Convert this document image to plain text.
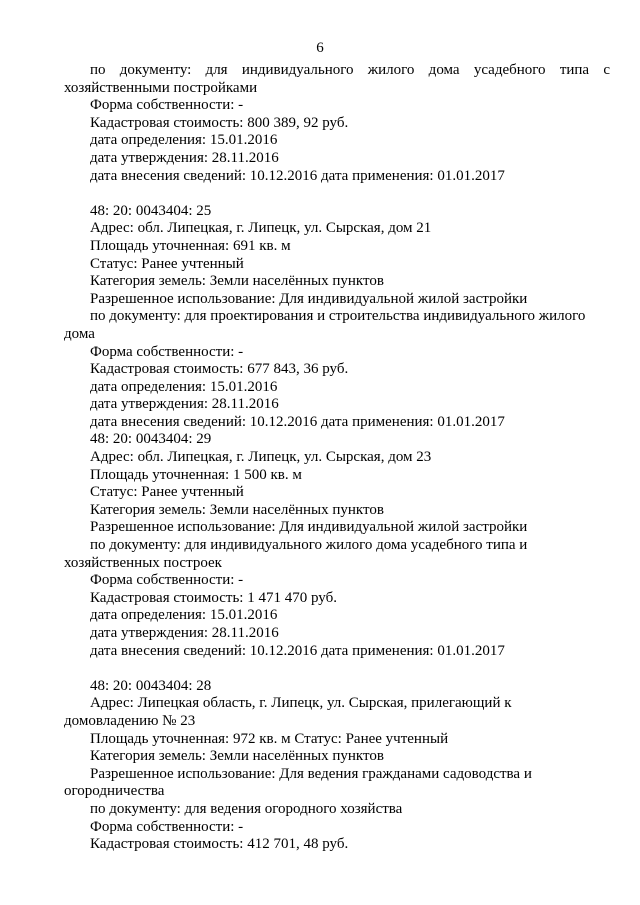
6
по документу: для индивидуального жилого дома усадебного типа с
хозяйственными постройками
Форма собственности: -
Кадастровая стоимость: 800 389, 92 руб.
дата определения: 15.01.2016
дата утверждения: 28.11.2016
дата внесения сведений: 10.12.2016 дата применения: 01.01.2017
48: 20: 0043404: 25
Адрес: обл. Липецкая, г. Липецк, ул. Сырская, дом 21
Площадь уточненная: 691 кв. м
Статус: Ранее учтенный
Категория земель: Земли населённых пунктов
Разрешенное использование: Для индивидуальной жилой застройки
по документу: для проектирования и строительства индивидуального жилого
дома
Форма собственности: -
Кадастровая стоимость: 677 843, 36 руб.
дата определения: 15.01.2016
дата утверждения: 28.11.2016
дата внесения сведений: 10.12.2016 дата применения: 01.01.2017
48: 20: 0043404: 29
Адрес: обл. Липецкая, г. Липецк, ул. Сырская, дом 23
Площадь уточненная: 1 500 кв. м
Статус: Ранее учтенный
Категория земель: Земли населённых пунктов
Разрешенное использование: Для индивидуальной жилой застройки
по документу: для индивидуального жилого дома усадебного типа и
хозяйственных построек
Форма собственности: -
Кадастровая стоимость: 1 471 470 руб.
дата определения: 15.01.2016
дата утверждения: 28.11.2016
дата внесения сведений: 10.12.2016 дата применения: 01.01.2017
48: 20: 0043404: 28
Адрес: Липецкая область, г. Липецк, ул. Сырская, прилегающий к
домовладению № 23
Площадь уточненная: 972 кв. м Статус: Ранее учтенный
Категория земель: Земли населённых пунктов
Разрешенное использование: Для ведения гражданами садоводства и
огородничества
по документу: для ведения огородного хозяйства
Форма собственности: -
Кадастровая стоимость: 412 701, 48 руб.
